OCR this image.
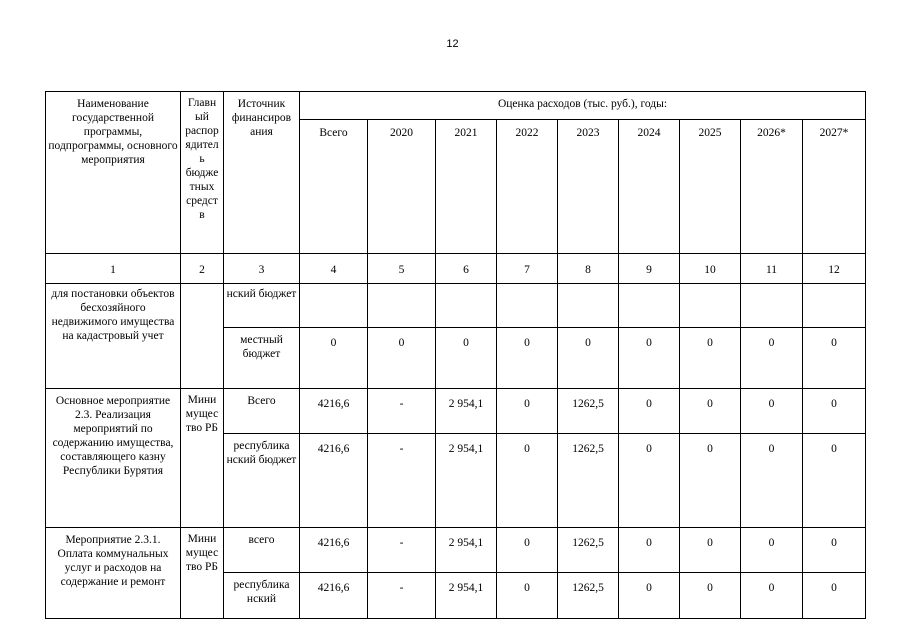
12
Наименование государственной программы, подпрограммы, основного мероприятия	Главн ый распор ядител ь бюдже тных средст в	Источник финансиров ания	Оценка расходов (тыс. руб.), годы:								
			Всего	2020	2021	2022	2023	2024	2025	2026*	2027*
1	2	3	4	5	6	7	8	9	10	11	12
для постановки объектов бесхозяйного недвижимого имущества на кадастровый учет		нский бюджет									
		местный бюджет	0	0	0	0	0	0	0	0	0
Основное мероприятие 2.3. Реализация мероприятий по содержанию имущества, составляющего казну Республики Бурятия	Мини мущес тво РБ	Всего	4216,6	-	2 954,1	0	1262,5	0	0	0	0
		республика нский бюджет	4216,6	-	2 954,1	0	1262,5	0	0	0	0
Мероприятие 2.3.1. Оплата коммунальных услуг и расходов на содержание и ремонт	Мини мущес тво РБ	всего	4216,6	-	2 954,1	0	1262,5	0	0	0	0
		республика нский	4216,6	-	2 954,1	0	1262,5	0	0	0	0
